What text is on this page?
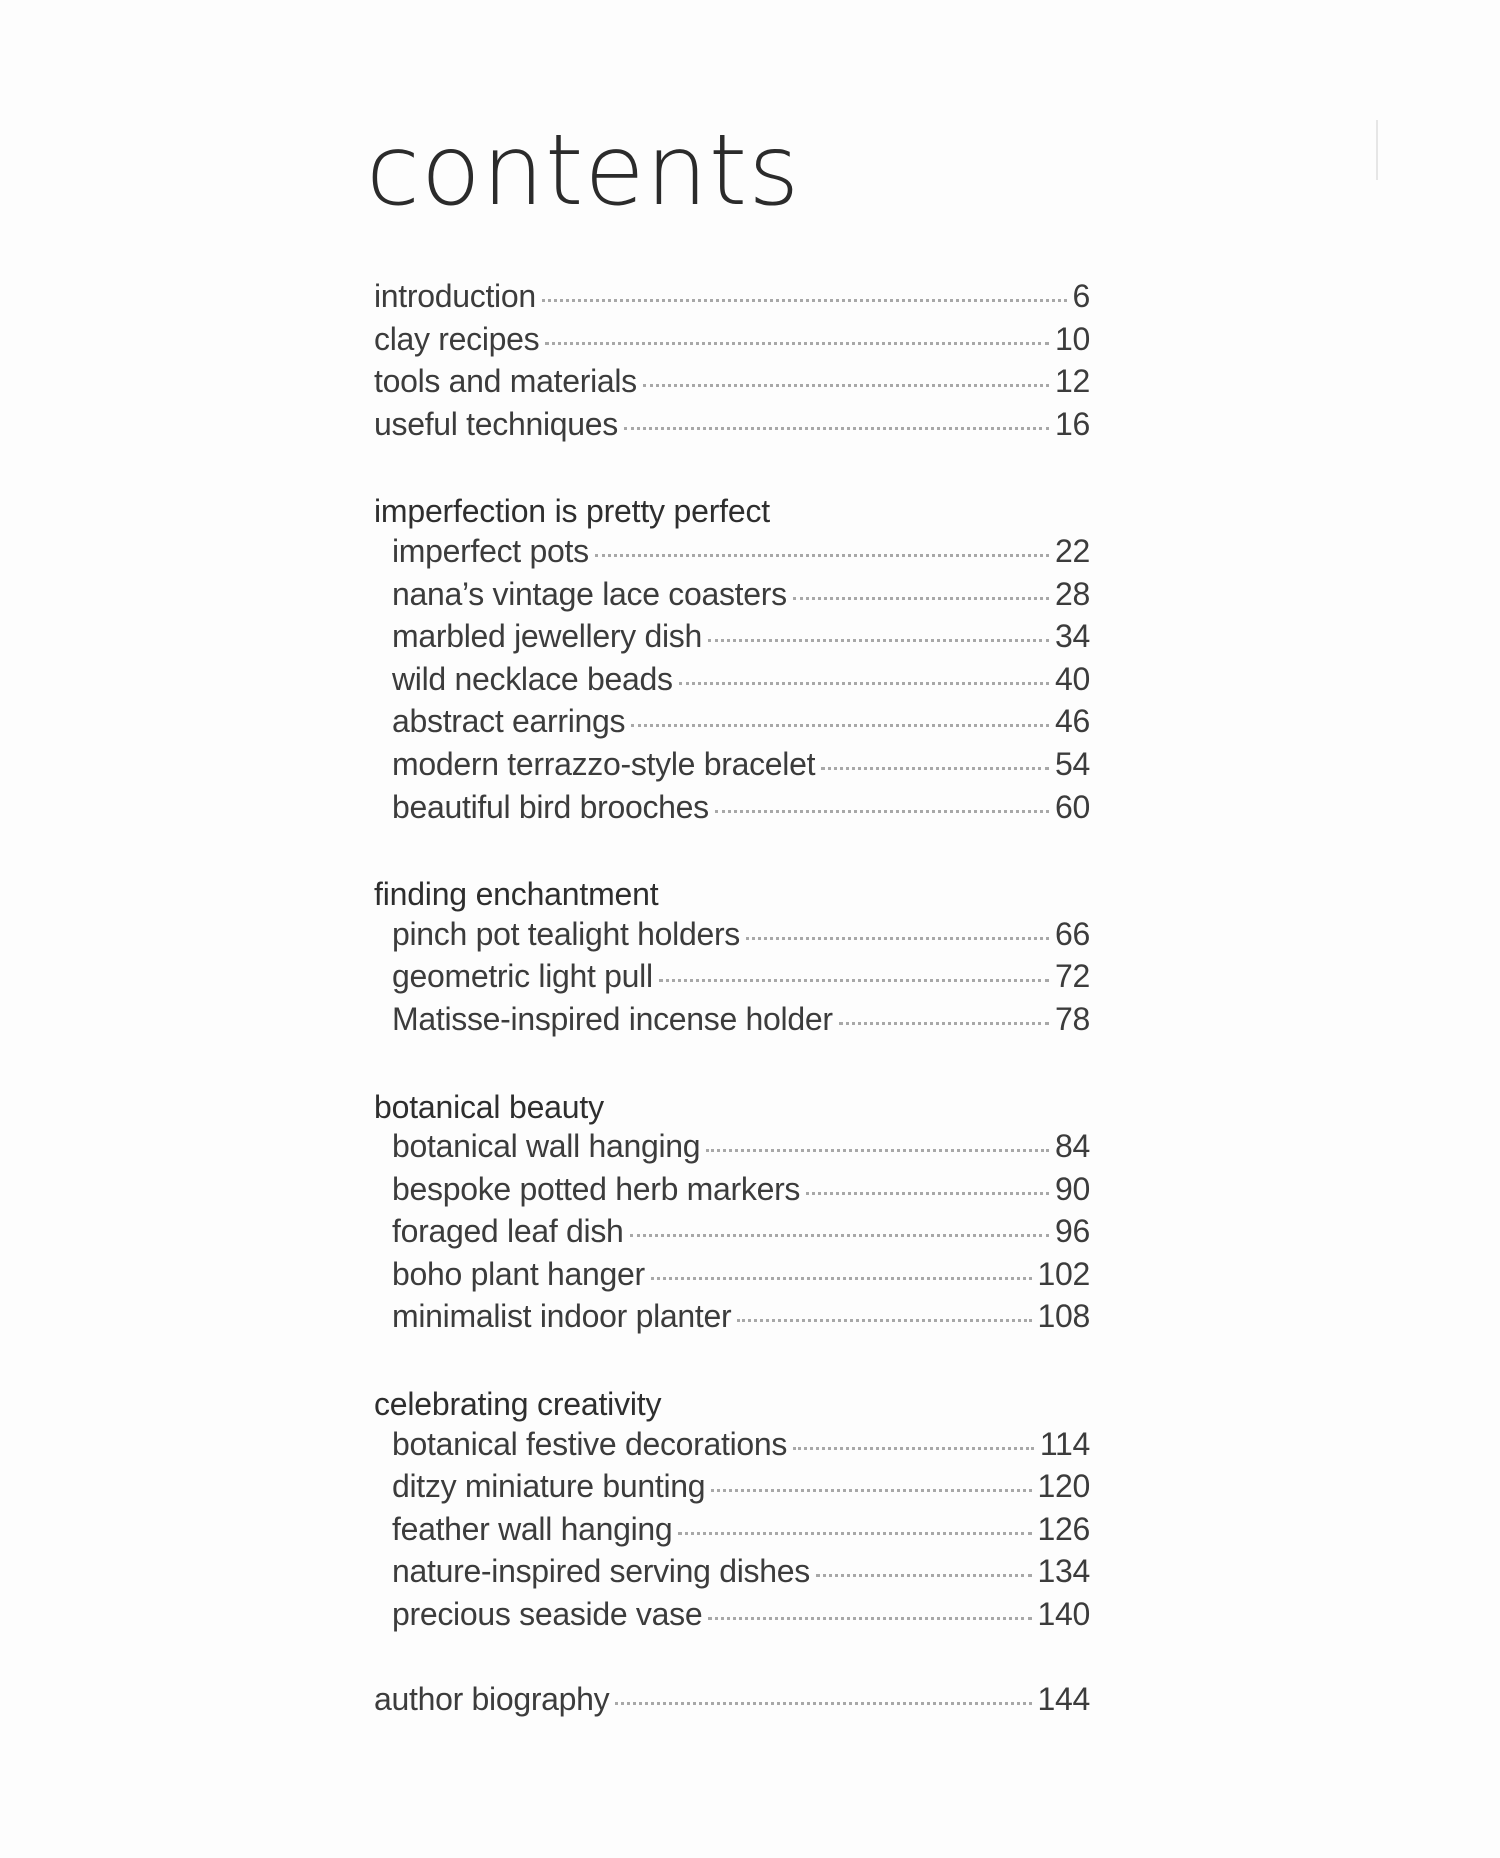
contents
introduction	6
clay recipes	10
tools and materials	12
useful techniques	16
imperfection is pretty perfect
imperfect pots	22
nana’s vintage lace coasters	28
marbled jewellery dish	34
wild necklace beads	40
abstract earrings	46
modern terrazzo-style bracelet	54
beautiful bird brooches	60
finding enchantment
pinch pot tealight holders	66
geometric light pull	72
Matisse-inspired incense holder	78
botanical beauty
botanical wall hanging	84
bespoke potted herb markers	90
foraged leaf dish	96
boho plant hanger	102
minimalist indoor planter	108
celebrating creativity
botanical festive decorations	114
ditzy miniature bunting	120
feather wall hanging	126
nature-inspired serving dishes	134
precious seaside vase	140
author biography	144
